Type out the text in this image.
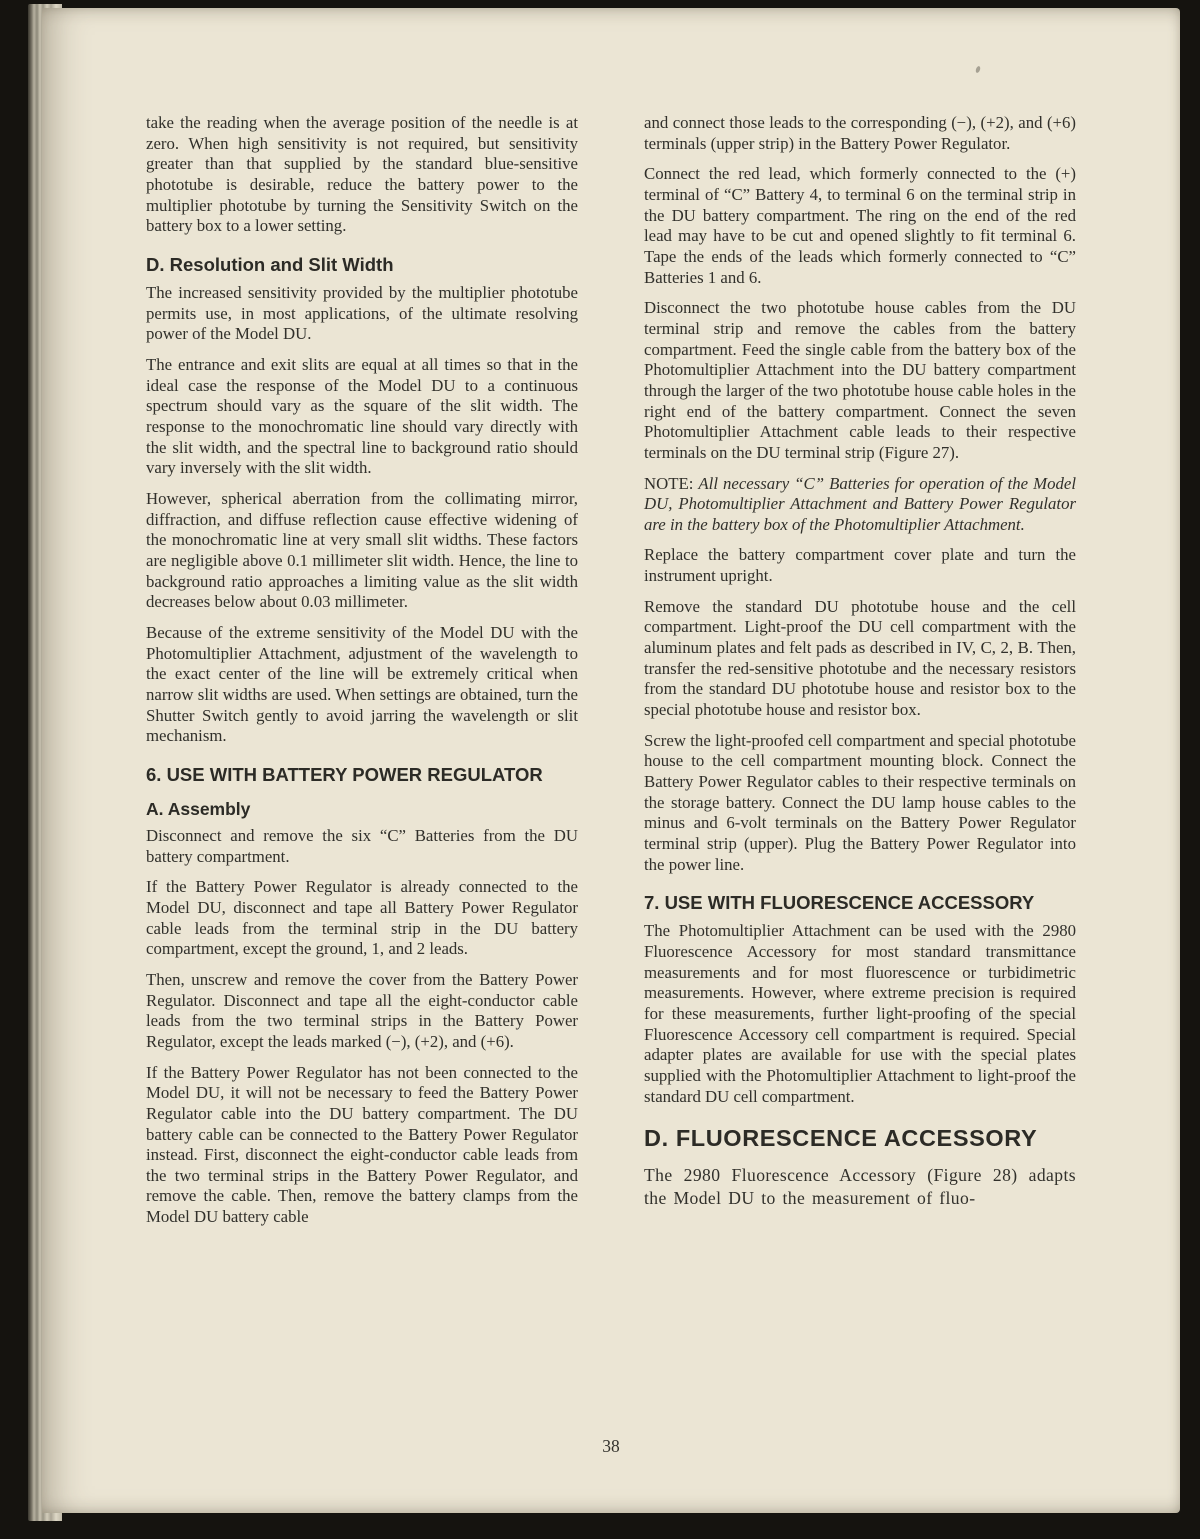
take the reading when the average position of the needle is at zero. When high sensitivity is not required, but sensitivity greater than that supplied by the standard blue-sensitive phototube is desirable, reduce the battery power to the multiplier phototube by turning the Sensitivity Switch on the battery box to a lower setting.

D. Resolution and Slit Width

The increased sensitivity provided by the multiplier phototube permits use, in most applications, of the ultimate resolving power of the Model DU.

The entrance and exit slits are equal at all times so that in the ideal case the response of the Model DU to a continuous spectrum should vary as the square of the slit width. The response to the monochromatic line should vary directly with the slit width, and the spectral line to background ratio should vary inversely with the slit width.

However, spherical aberration from the collimating mirror, diffraction, and diffuse reflection cause effective widening of the monochromatic line at very small slit widths. These factors are negligible above 0.1 millimeter slit width. Hence, the line to background ratio approaches a limiting value as the slit width decreases below about 0.03 millimeter.

Because of the extreme sensitivity of the Model DU with the Photomultiplier Attachment, adjustment of the wavelength to the exact center of the line will be extremely critical when narrow slit widths are used. When settings are obtained, turn the Shutter Switch gently to avoid jarring the wavelength or slit mechanism.

6. USE WITH BATTERY POWER REGULATOR
A. Assembly

Disconnect and remove the six “C” Batteries from the DU battery compartment.

If the Battery Power Regulator is already connected to the Model DU, disconnect and tape all Battery Power Regulator cable leads from the terminal strip in the DU battery compartment, except the ground, 1, and 2 leads.

Then, unscrew and remove the cover from the Battery Power Regulator. Disconnect and tape all the eight-conductor cable leads from the two terminal strips in the Battery Power Regulator, except the leads marked (−), (+2), and (+6).

If the Battery Power Regulator has not been connected to the Model DU, it will not be necessary to feed the Battery Power Regulator cable into the DU battery compartment. The DU battery cable can be connected to the Battery Power Regulator instead. First, disconnect the eight-conductor cable leads from the two terminal strips in the Battery Power Regulator, and remove the cable. Then, remove the battery clamps from the Model DU battery cable

and connect those leads to the corresponding (−), (+2), and (+6) terminals (upper strip) in the Battery Power Regulator.

Connect the red lead, which formerly connected to the (+) terminal of “C” Battery 4, to terminal 6 on the terminal strip in the DU battery compartment. The ring on the end of the red lead may have to be cut and opened slightly to fit terminal 6. Tape the ends of the leads which formerly connected to “C” Batteries 1 and 6.

Disconnect the two phototube house cables from the DU terminal strip and remove the cables from the battery compartment. Feed the single cable from the battery box of the Photomultiplier Attachment into the DU battery compartment through the larger of the two phototube house cable holes in the right end of the battery compartment. Connect the seven Photomultiplier Attachment cable leads to their respective terminals on the DU terminal strip (Figure 27).

NOTE: All necessary “C” Batteries for operation of the Model DU, Photomultiplier Attachment and Battery Power Regulator are in the battery box of the Photomultiplier Attachment.

Replace the battery compartment cover plate and turn the instrument upright.

Remove the standard DU phototube house and the cell compartment. Light-proof the DU cell compartment with the aluminum plates and felt pads as described in IV, C, 2, B. Then, transfer the red-sensitive phototube and the necessary resistors from the standard DU phototube house and resistor box to the special phototube house and resistor box.

Screw the light-proofed cell compartment and special phototube house to the cell compartment mounting block. Connect the Battery Power Regulator cables to their respective terminals on the storage battery. Connect the DU lamp house cables to the minus and 6-volt terminals on the Battery Power Regulator terminal strip (upper). Plug the Battery Power Regulator into the power line.

7. USE WITH FLUORESCENCE ACCESSORY

The Photomultiplier Attachment can be used with the 2980 Fluorescence Accessory for most standard transmittance measurements and for most fluorescence or turbidimetric measurements. However, where extreme precision is required for these measurements, further light-proofing of the special Fluorescence Accessory cell compartment is required. Special adapter plates are available for use with the special plates supplied with the Photomultiplier Attachment to light-proof the standard DU cell compartment.

D. FLUORESCENCE ACCESSORY

The 2980 Fluorescence Accessory (Figure 28) adapts the Model DU to the measurement of fluo-

38
